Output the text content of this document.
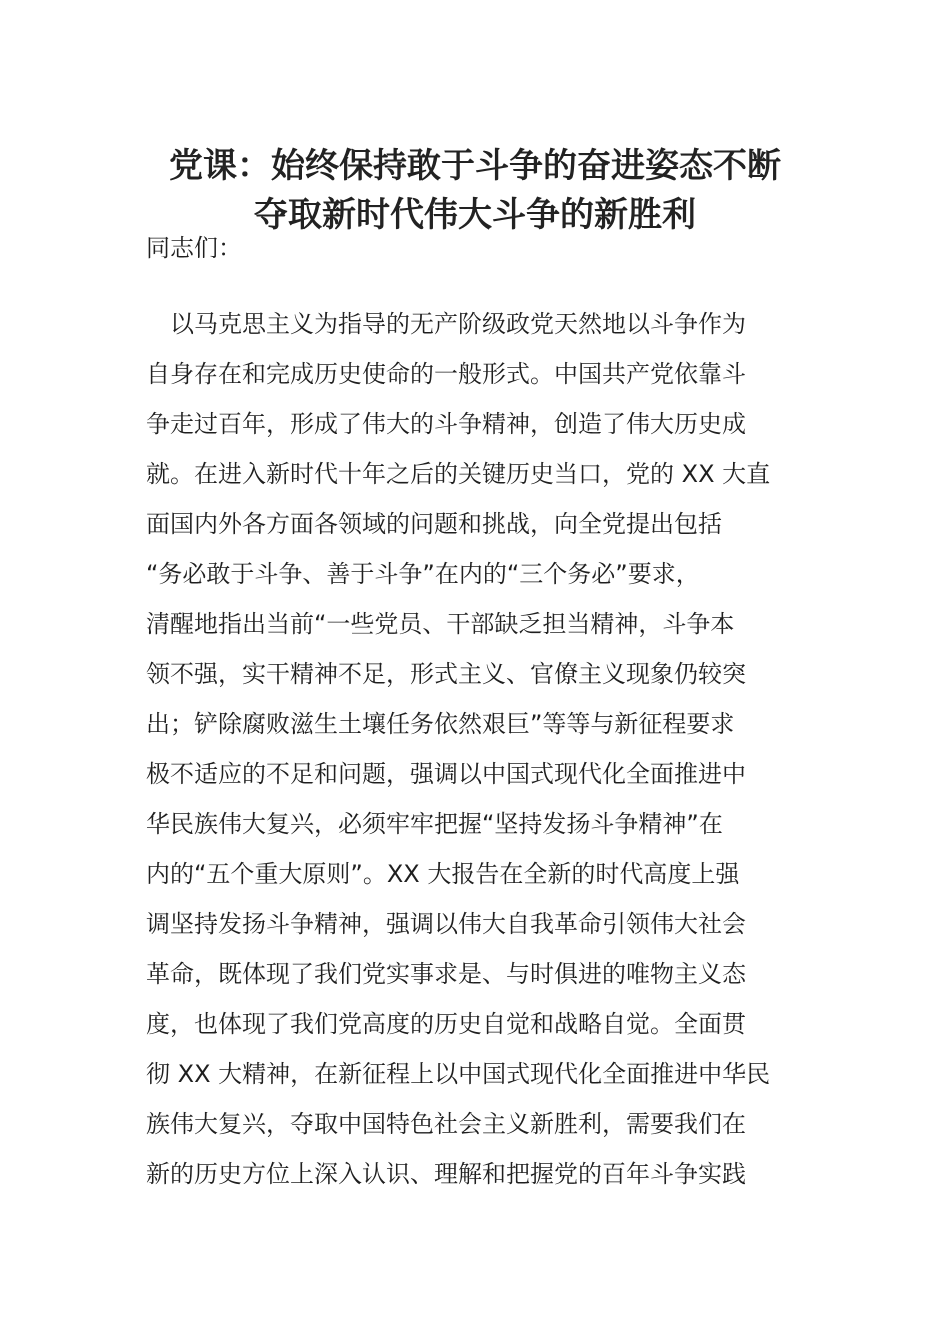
党课：始终保持敢于斗争的奋进姿态不断
夺取新时代伟大斗争的新胜利
同志们：
以马克思主义为指导的无产阶级政党天然地以斗争作为
自身存在和完成历史使命的一般形式。中国共产党依靠斗
争走过百年，形成了伟大的斗争精神，创造了伟大历史成
就。在进入新时代十年之后的关键历史当口，党的 XX 大直
面国内外各方面各领域的问题和挑战，向全党提出包括
“务必敢于斗争、善于斗争”在内的“三个务必”要求，
清醒地指出当前“一些党员、干部缺乏担当精神，斗争本
领不强，实干精神不足，形式主义、官僚主义现象仍较突
出；铲除腐败滋生土壤任务依然艰巨”等等与新征程要求
极不适应的不足和问题，强调以中国式现代化全面推进中
华民族伟大复兴，必须牢牢把握“坚持发扬斗争精神”在
内的“五个重大原则”。XX 大报告在全新的时代高度上强
调坚持发扬斗争精神，强调以伟大自我革命引领伟大社会
革命，既体现了我们党实事求是、与时俱进的唯物主义态
度，也体现了我们党高度的历史自觉和战略自觉。全面贯
彻 XX 大精神，在新征程上以中国式现代化全面推进中华民
族伟大复兴，夺取中国特色社会主义新胜利，需要我们在
新的历史方位上深入认识、理解和把握党的百年斗争实践
